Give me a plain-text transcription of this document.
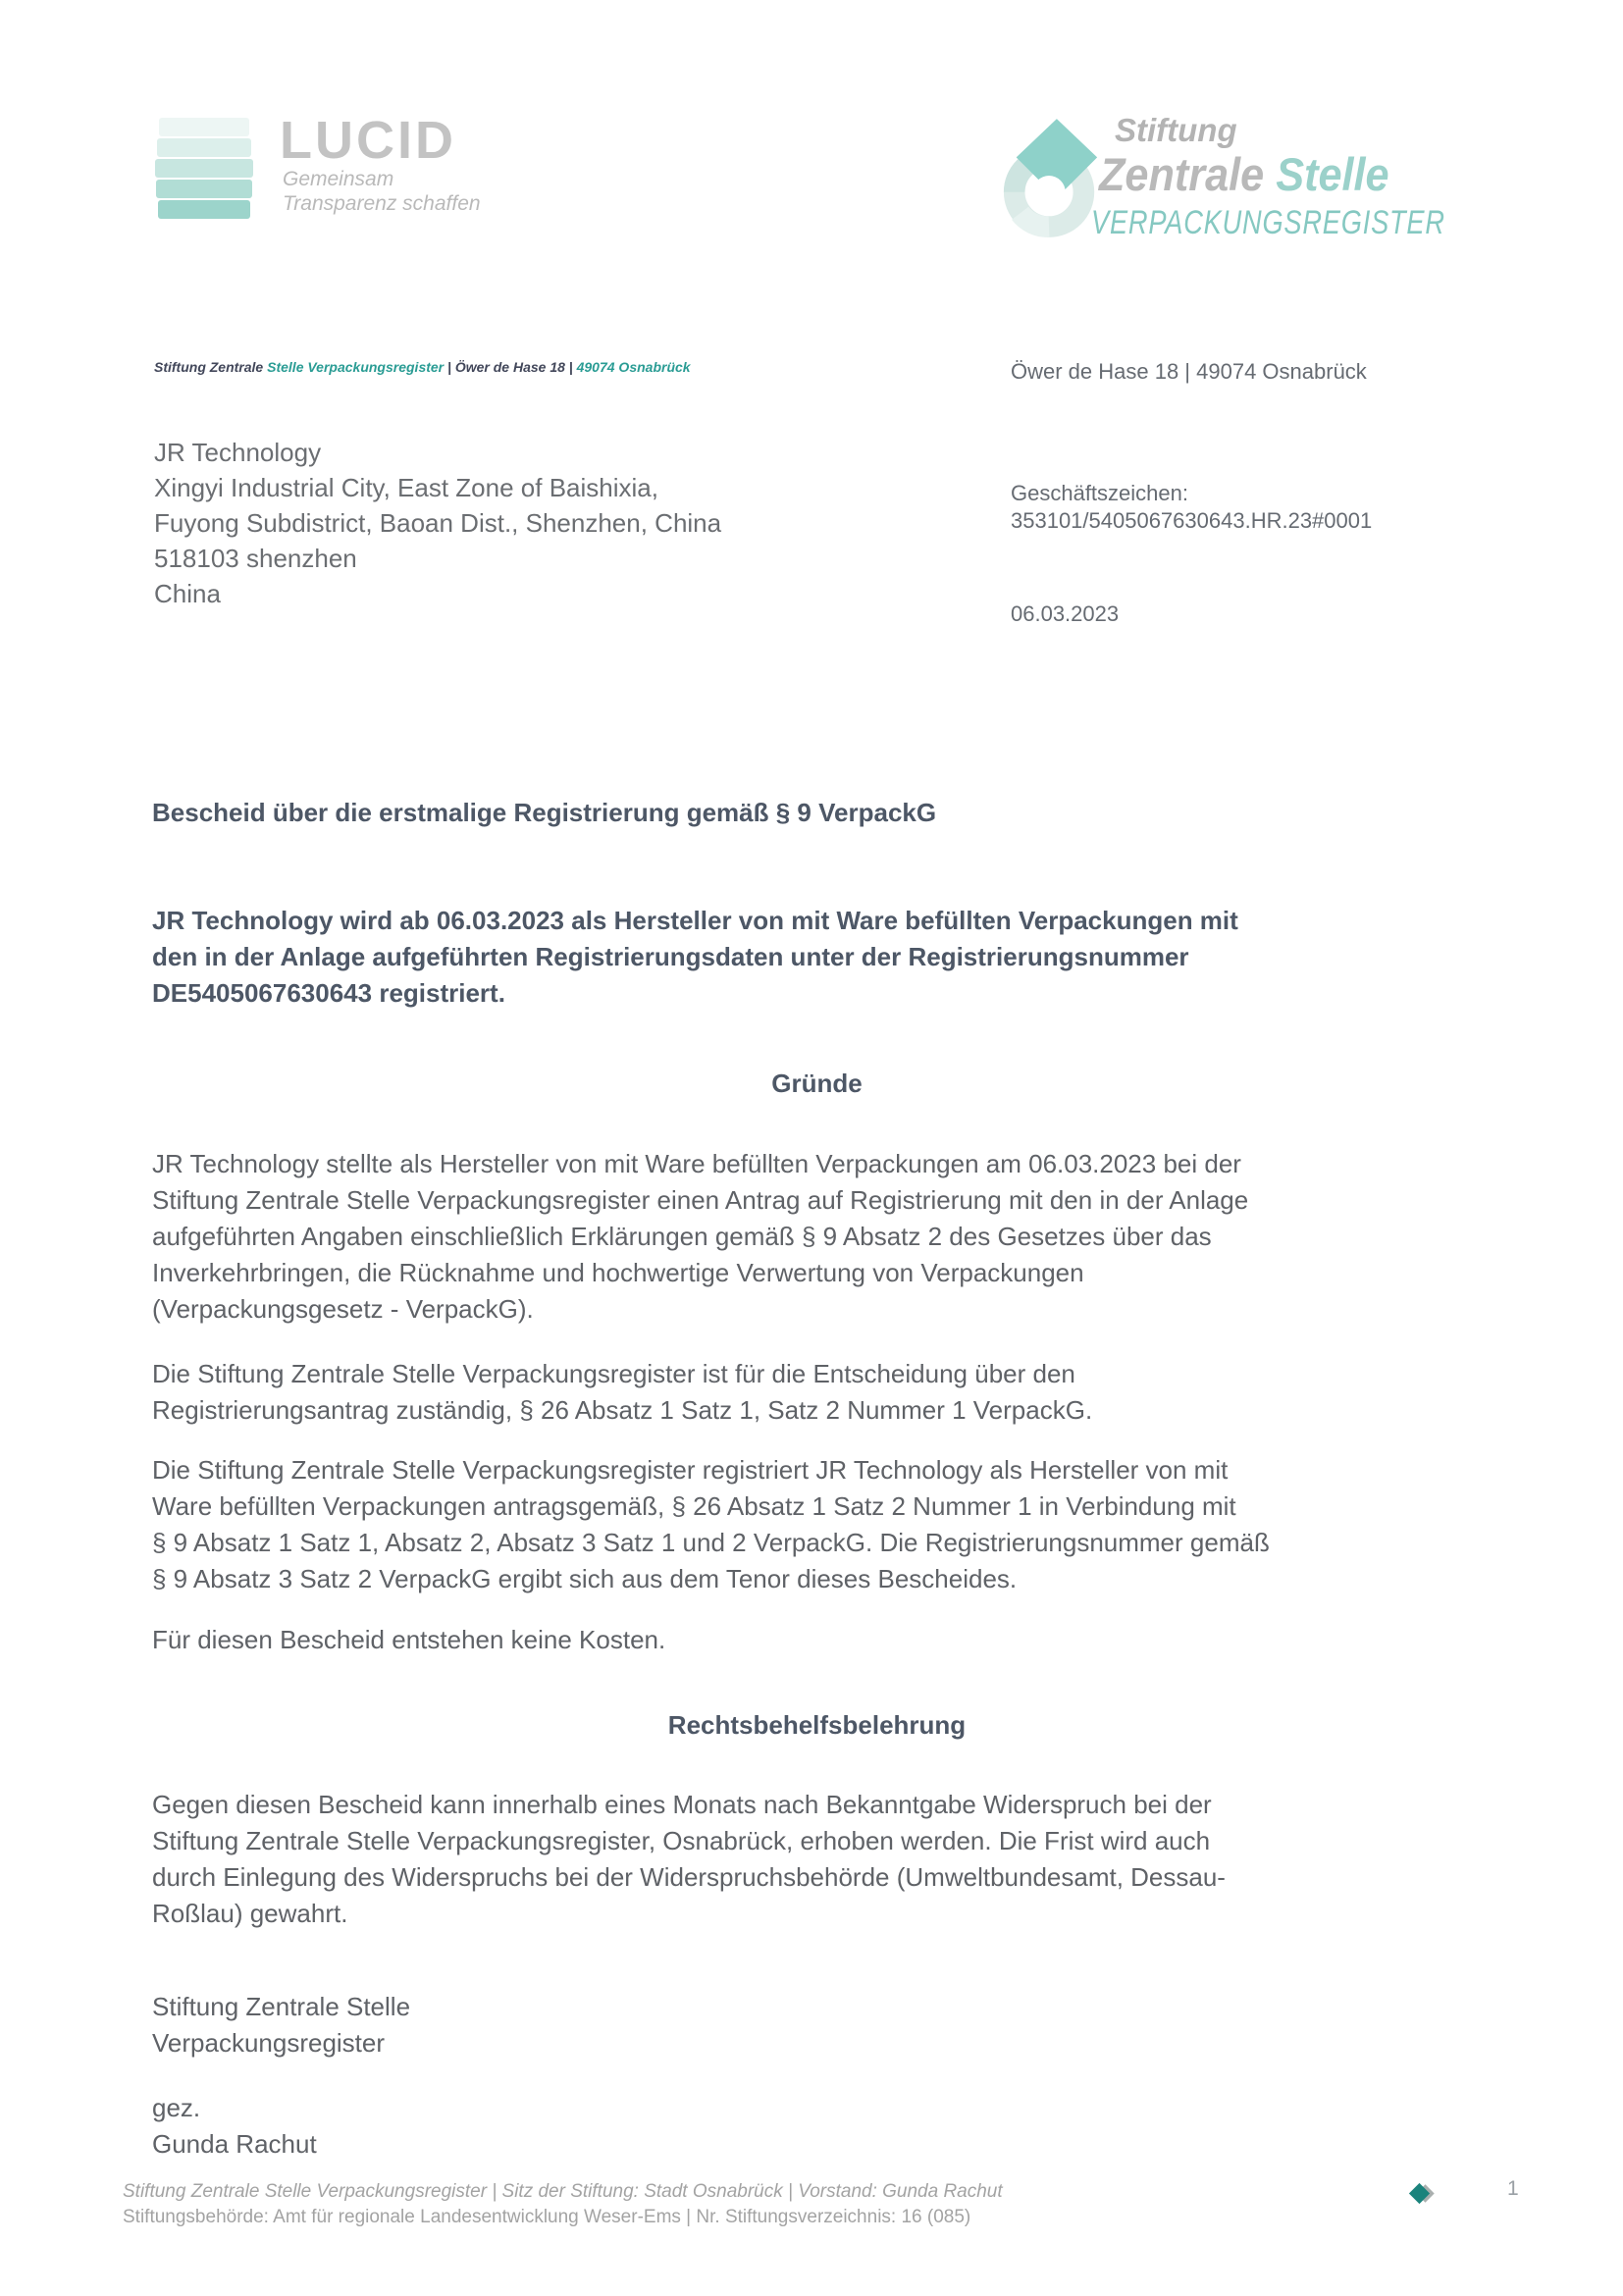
LUCID
Gemeinsam
Transparenz schaffen
Stiftung
Zentrale Stelle
VERPACKUNGSREGISTER
Stiftung Zentrale Stelle Verpackungsregister | Öwer de Hase 18 | 49074 Osnabrück
JR Technology
Xingyi Industrial City, East Zone of Baishixia,
Fuyong Subdistrict, Baoan Dist., Shenzhen, China
518103 shenzhen
China
Öwer de Hase 18 | 49074 Osnabrück
Geschäftszeichen:
353101/5405067630643.HR.23#0001
06.03.2023
Bescheid über die erstmalige Registrierung gemäß § 9 VerpackG
JR Technology wird ab 06.03.2023 als Hersteller von mit Ware befüllten Verpackungen mit
den in der Anlage aufgeführten Registrierungsdaten unter der Registrierungsnummer
DE5405067630643 registriert.
Gründe
JR Technology stellte als Hersteller von mit Ware befüllten Verpackungen am 06.03.2023 bei der
Stiftung Zentrale Stelle Verpackungsregister einen Antrag auf Registrierung mit den in der Anlage
aufgeführten Angaben einschließlich Erklärungen gemäß § 9 Absatz 2 des Gesetzes über das
Inverkehrbringen, die Rücknahme und hochwertige Verwertung von Verpackungen
(Verpackungsgesetz - VerpackG).
Die Stiftung Zentrale Stelle Verpackungsregister ist für die Entscheidung über den
Registrierungsantrag zuständig, § 26 Absatz 1 Satz 1, Satz 2 Nummer 1 VerpackG.
Die Stiftung Zentrale Stelle Verpackungsregister registriert JR Technology als Hersteller von mit
Ware befüllten Verpackungen antragsgemäß, § 26 Absatz 1 Satz 2 Nummer 1 in Verbindung mit
§ 9 Absatz 1 Satz 1, Absatz 2, Absatz 3 Satz 1 und 2 VerpackG. Die Registrierungsnummer gemäß
§ 9 Absatz 3 Satz 2 VerpackG ergibt sich aus dem Tenor dieses Bescheides.
Für diesen Bescheid entstehen keine Kosten.
Rechtsbehelfsbelehrung
Gegen diesen Bescheid kann innerhalb eines Monats nach Bekanntgabe Widerspruch bei der
Stiftung Zentrale Stelle Verpackungsregister, Osnabrück, erhoben werden. Die Frist wird auch
durch Einlegung des Widerspruchs bei der Widerspruchsbehörde (Umweltbundesamt, Dessau-
Roßlau) gewahrt.
Stiftung Zentrale Stelle
Verpackungsregister
gez.
Gunda Rachut
Stiftung Zentrale Stelle Verpackungsregister | Sitz der Stiftung: Stadt Osnabrück | Vorstand: Gunda Rachut
Stiftungsbehörde: Amt für regionale Landesentwicklung Weser-Ems | Nr. Stiftungsverzeichnis: 16 (085)
1
